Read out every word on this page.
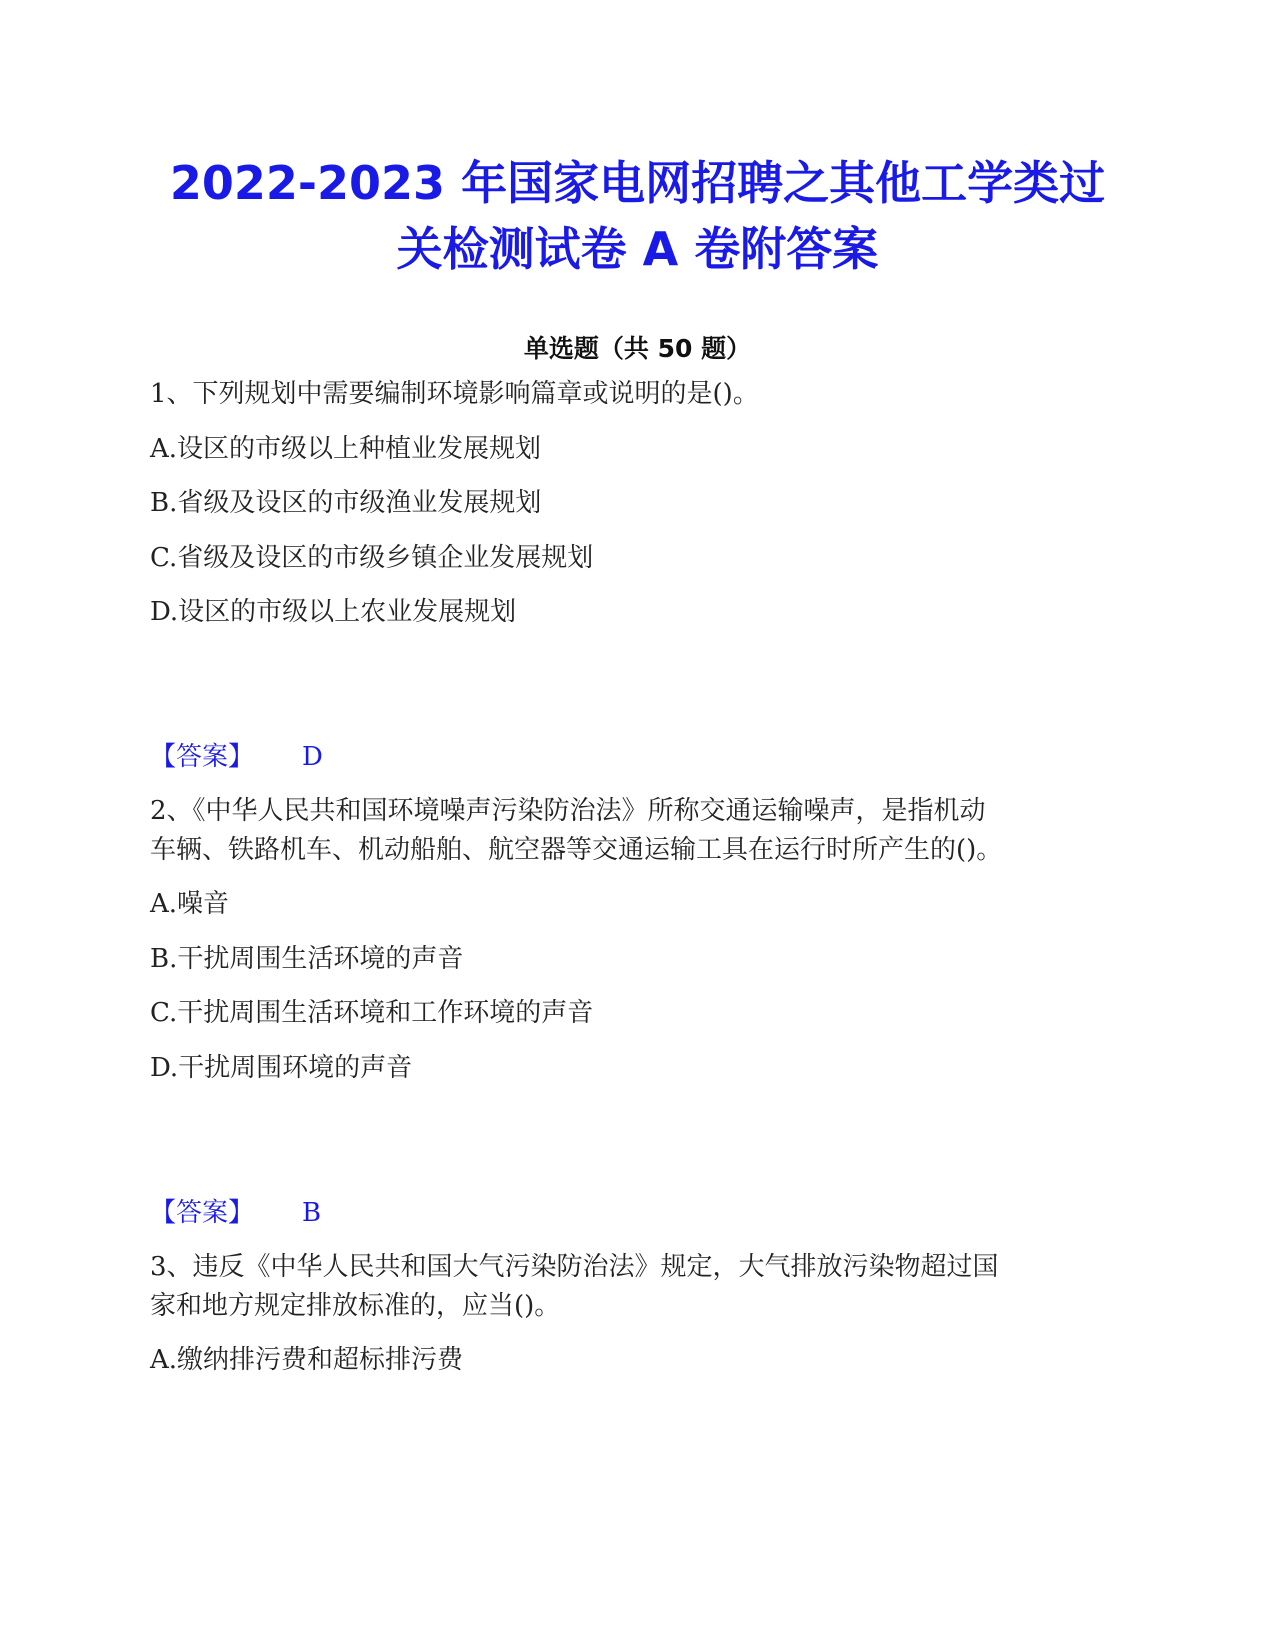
2022-2023 年国家电网招聘之其他工学类过
关检测试卷 A 卷附答案
单选题（共 50 题）
1、下列规划中需要编制环境影响篇章或说明的是()。
A.设区的市级以上种植业发展规划
B.省级及设区的市级渔业发展规划
C.省级及设区的市级乡镇企业发展规划
D.设区的市级以上农业发展规划
【答案】 D
2、《中华人民共和国环境噪声污染防治法》所称交通运输噪声，是指机动
车辆、铁路机车、机动船舶、航空器等交通运输工具在运行时所产生的()。
A.噪音
B.干扰周围生活环境的声音
C.干扰周围生活环境和工作环境的声音
D.干扰周围环境的声音
【答案】 B
3、违反《中华人民共和国大气污染防治法》规定，大气排放污染物超过国
家和地方规定排放标准的，应当()。
A.缴纳排污费和超标排污费
